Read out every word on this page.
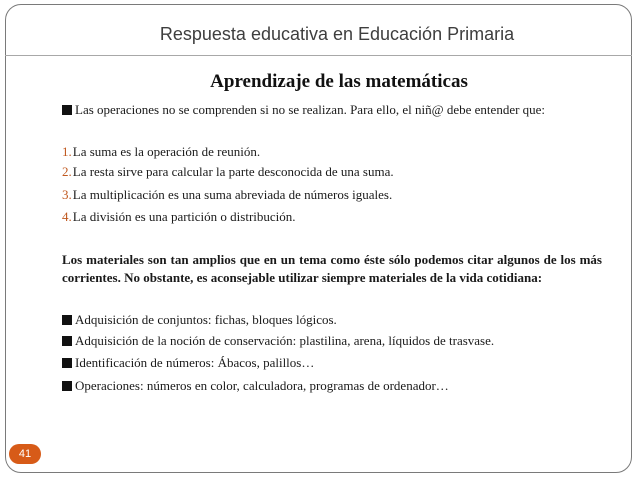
Respuesta educativa en Educación Primaria
Aprendizaje de las matemáticas
Las operaciones no se comprenden si no se realizan. Para ello, el niñ@ debe entender que:
1.La suma es la operación de reunión.
2.La resta sirve para calcular la parte desconocida de una suma.
3.La multiplicación es una suma abreviada de números iguales.
4.La división es una partición o distribución.
Los materiales son tan amplios que en un tema como éste sólo podemos citar algunos de los más corrientes. No obstante, es aconsejable utilizar siempre materiales de la vida cotidiana:
Adquisición de conjuntos: fichas, bloques lógicos.
Adquisición de la noción de conservación: plastilina, arena, líquidos de trasvase.
Identificación de números: Ábacos, palillos…
Operaciones: números en color, calculadora, programas de ordenador…
41
